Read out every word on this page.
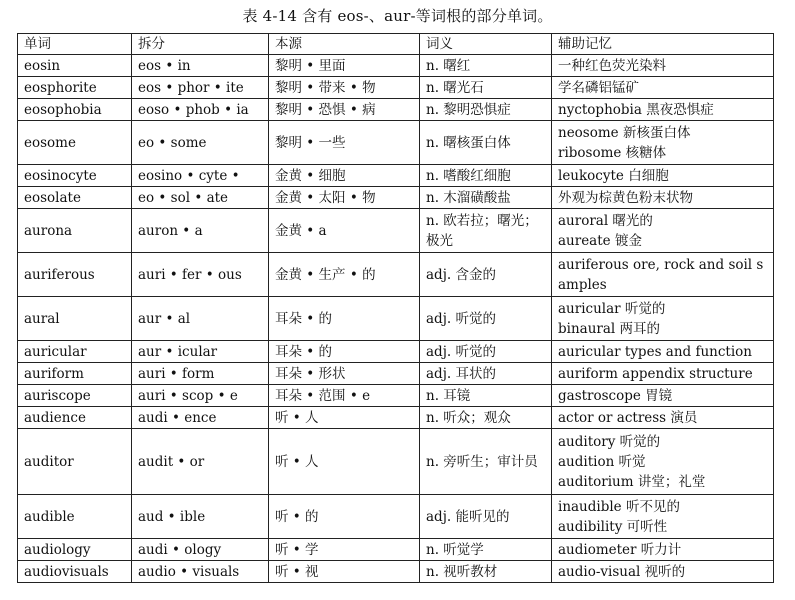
表 4-14 含有 eos-、aur-等词根的部分单词。
单词	拆分	本源	词义	辅助记忆
eosin	eos • in	黎明 • 里面	n. 曙红	一种红色荧光染料

eosphorite	eos • phor • ite	黎明 • 带来 • 物	n. 曙光石	学名磷铝锰矿

eosophobia	eoso • phob • ia	黎明 • 恐惧 • 病	n. 黎明恐惧症	nyctophobia 黑夜恐惧症

eosome	eo • some	黎明 • 一些	n. 曙核蛋白体	neosome 新核蛋白体
ribosome 核糖体

eosinocyte	eosino • cyte •	金黄 • 细胞	n. 嗜酸红细胞	leukocyte 白细胞

eosolate	eo • sol • ate	金黄 • 太阳 • 物	n. 木溜磺酸盐	外观为棕黄色粉末状物

aurona	auron • a	金黄 • a	n. 欧若拉；曙光；极光	auroral 曙光的
aureate 镀金

auriferous	auri • fer • ous	金黄 • 生产 • 的	adj. 含金的	auriferous ore, rock and soil samples

aural	aur • al	耳朵 • 的	adj. 听觉的	auricular 听觉的
binaural 两耳的

auricular	aur • icular	耳朵 • 的	adj. 听觉的	auricular types and function

auriform	auri • form	耳朵 • 形状	adj. 耳状的	auriform appendix structure

auriscope	auri • scop • e	耳朵 • 范围 • e	n. 耳镜	gastroscope 胃镜

audience	audi • ence	听 • 人	n. 听众；观众	actor or actress 演员

auditor	audit • or	听 • 人	n. 旁听生；审计员	auditory 听觉的
audition 听觉
auditorium 讲堂；礼堂

audible	aud • ible	听 • 的	adj. 能听见的	inaudible 听不见的
audibility 可听性

audiology	audi • ology	听 • 学	n. 听觉学	audiometer 听力计

audiovisuals	audio • visuals	听 • 视	n. 视听教材	audio-visual 视听的
